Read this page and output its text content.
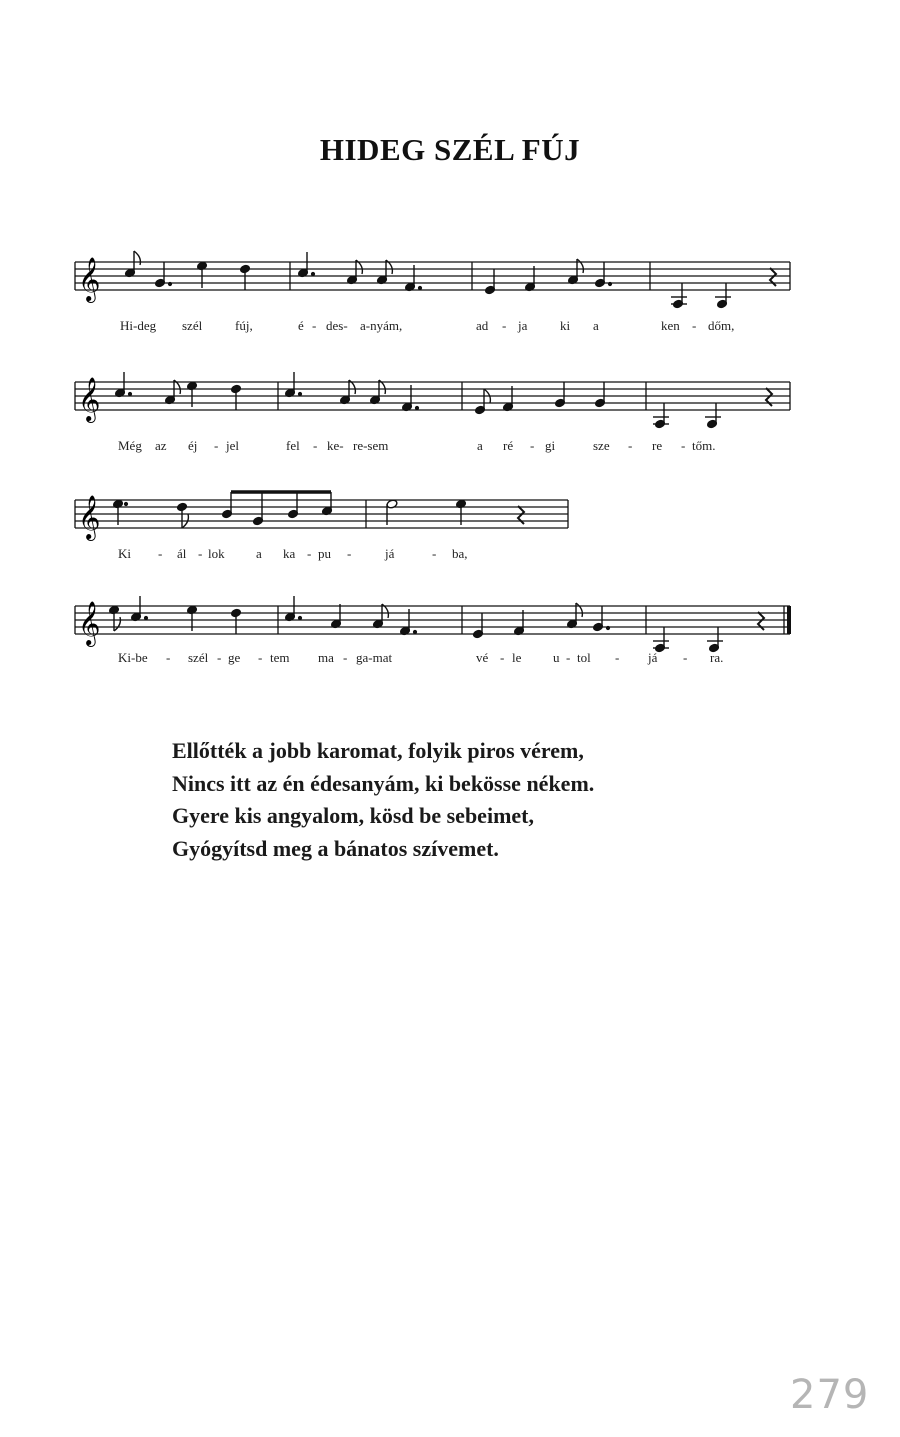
HIDEG SZÉL FÚJ
𝄞
Hi-deg szél	fúj,	é - des- a-nyám,	ad - ja	ki a	ken - dőm,
𝄞
Még az éj - jel	fel - ke- re-sem	a ré - gi	sze - re - tőm.
𝄞
Ki - ál - lok a ka - pu -	já	- ba,
𝄞
Ki-be - szél - ge - tem ma - ga-mat	vé - le u - tol - já - ra.
Ellőtték a jobb karomat, folyik piros vérem,
Nincs itt az én édesanyám, ki bekösse nékem.
Gyere kis angyalom, kösd be sebeimet,
Gyógyítsd meg a bánatos szívemet.
279
